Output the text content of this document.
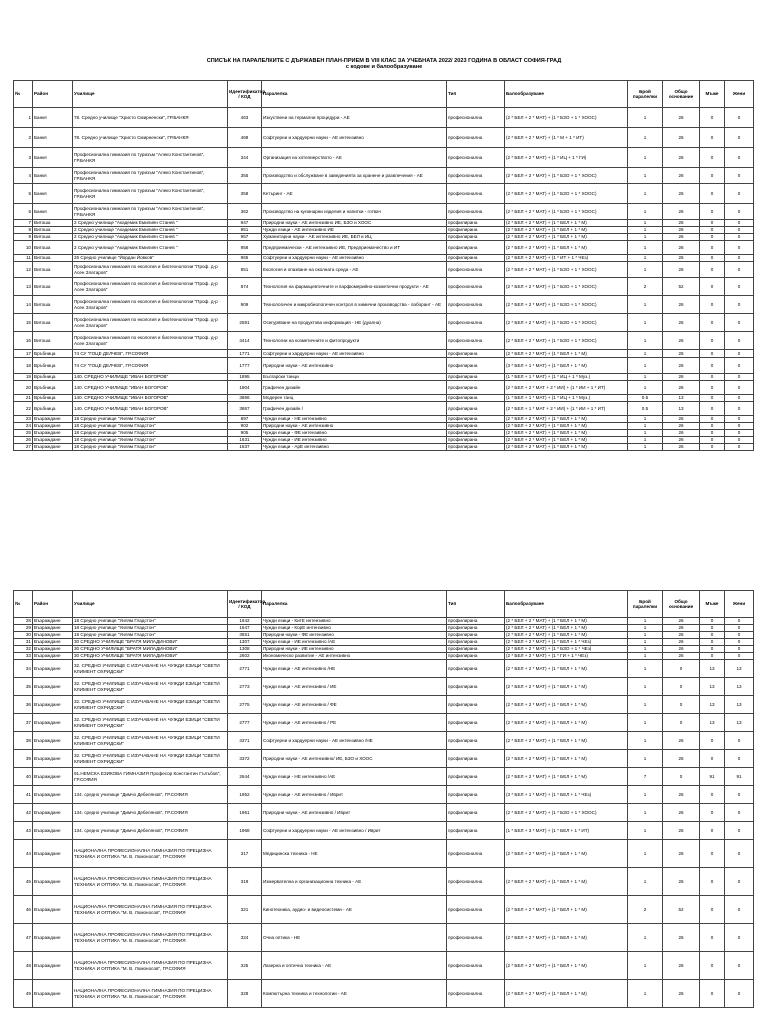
СПИСЪК НА ПАРАЛЕЛКИТЕ С ДЪРЖАВЕН ПЛАН-ПРИЕМ В VIII КЛАС ЗА УЧЕБНАТА 2022/ 2023 ГОДИНА В ОБЛАСТ СОФИЯ-ГРАД
с кодове и балообразуване
№	Район	Училище	Идентификатор / КОД	Паралелка	Тип	Балообразуване	Брой паралелки	Общо основание	Мъже	Жени
1	Банкя	78. Средно училище "Христо Смирненски", ГР.БАНКЯ	463	Изкуствени на термални процедури - АЕ	професионална	(2 * БЕЛ + 2 * МАТ) + (1 * БЗО + 1 * ХООС)	1	26	0	0
2	Банкя	78. Средно училище "Христо Смирненски", ГР.БАНКЯ	468	Софтуерни и хардуерни науки - АЕ интензивно	професионална	(2 * БЕЛ + 2 * МАТ) + (1 * М + 1 * ИТ)	1	26	0	0
3	Банкя	Професионална гимназия по туризъм "Алеко Константинов", ГР.БАНКЯ	344	Организация на хотелиерството - АЕ	професионална	(2 * БЕЛ + 2 * МАТ) + (1 * ИЦ + 1 * ГИ)	1	26	0	0
4	Банкя	Професионална гимназия по туризъм "Алеко Константинов", ГР.БАНКЯ	355	Производство и обслужване в заведенията за хранене и развлечения - АЕ	професионална	(2 * БЕЛ + 2 * МАТ) + (1 * БЗО + 1 * ХООС)	1	26	0	0
5	Банкя	Професионална гимназия по туризъм "Алеко Константинов", ГР.БАНКЯ	358	Кетъринг - АЕ	професионална	(2 * БЕЛ + 2 * МАТ) + (1 * БЗО + 1 * ХООС)	1	26	0	0
6	Банкя	Професионална гимназия по туризъм "Алеко Константинов", ГР.БАНКЯ	362	Производство на кулинарни изделия и напитки - готвач	професионална	(2 * БЕЛ + 2 * МАТ) + (1 * БЗО + 1 * ХООС)	1	26	0	0
7	Витоша	2 Средно училище "Академик Емилиян Станев "	947	Природни науки - АЕ интензивно ИЕ, БЗО и ХООС	профилирана	(2 * БЕЛ + 2 * МАТ) + (1 * БЕЛ + 1 * М)	1	26	0	0
8	Витоша	2 Средно училище "Академик Емилиян Станев "	951	Чужди езици - АЕ интензивно ИЕ	профилирана	(2 * БЕЛ + 2 * МАТ) + (1 * БЕЛ + 1 * М)	1	26	0	0
9	Витоша	2 Средно училище "Академик Емилиян Станев "	957	Хуманитарни науки - АЕ интензивно ИЕ, БЕЛ и ИЦ	профилирана	(2 * БЕЛ + 2 * МАТ) + (1 * БЕЛ + 1 * М)	1	26	0	0
10	Витоша	2 Средно училище "Академик Емилиян Станев "	958	Предприемачески - АЕ интензивно ИЕ, Предприемачество и ИТ	профилирана	(2 * БЕЛ + 2 * МАТ) + (1 * БЕЛ + 1 * М)	1	26	0	0
11	Витоша	26 Средно училище "Йордан Йовков"	965	Софтуерни и хардуерни науки - АЕ интензивно	профилирана	(2 * БЕЛ + 2 * МАТ) + (1 * ИТ + 1 * ЧЕз)	1	26	0	0
12	Витоша	Професионална гимназия по екология и биотехнологии "Проф. д-р Асен Златаров"	851	Екология и опазване на околната среда - АЕ	професионална	(2 * БЕЛ + 2 * МАТ) + (1 * БЗО + 1 * ХООС)	1	26	0	0
13	Витоша	Професионална гимназия по екология и биотехнологии "Проф. д-р Асен Златаров"	874	Технология на фармацевтичните и парфюмерийно-козметични продукти - АЕ	професионална	(2 * БЕЛ + 2 * МАТ) + (1 * БЗО + 1 * ХООС)	2	52	0	0
14	Витоша	Професионална гимназия по екология и биотехнологии "Проф. д-р Асен Златаров"	909	Технологичен и микробиологичен контрол в химични производства - лаборант - АЕ	професионална	(2 * БЕЛ + 2 * МАТ) + (1 * БЗО + 1 * ХООС)	1	26	0	0
15	Витоша	Професионална гимназия по екология и биотехнологии "Проф. д-р Асен Златаров"	2591	Осигуряване на продуктова информация - НЕ (дуална)	професионална	(2 * БЕЛ + 2 * МАТ) + (1 * БЗО + 1 * ХООС)	1	26	0	0
16	Витоша	Професионална гимназия по екология и биотехнологии "Проф. д-р Асен Златаров"	3414	Технологии на козметичните и фитопродукти	професионална	(2 * БЕЛ + 2 * МАТ) + (1 * БЗО + 1 * ХООС)	1	26	0	0
17	Връбница	74 СУ "ГОЦЕ ДЕЛЧЕВ", ГР.СОФИЯ	1771	Софтуерни и хардуерни науки - АЕ интензивно	профилирана	(2 * БЕЛ + 2 * МАТ) + (1 * БЕЛ + 1 * М)	1	26	0	0
18	Връбница	74 СУ "ГОЦЕ ДЕЛЧЕВ", ГР.СОФИЯ	1777	Природни науки - АЕ интензивно	профилирана	(3 * БЕЛ + 1 * МАТ) + (1 * БЕЛ + 1 * М)	1	26	0	0
19	Връбница	140. СРЕДНО УЧИЛИЩЕ "ИВАН БОГОРОВ"	1895	Български танци	профилирана	(1 * БЕЛ + 1 * МАТ) + (1 * ИЦ + 1 * Муз.)	1	26	0	0
20	Връбница	140. СРЕДНО УЧИЛИЩЕ "ИВАН БОГОРОВ"	1904	Графичен дизайн	профилирана	(2 * БЕЛ + 2 * МАТ + 2 * ИИ) + (1 * ИИ + 1 * ИТ)	1	26	0	0
21	Връбница	140. СРЕДНО УЧИЛИЩЕ "ИВАН БОГОРОВ"	3866	Модерен танц	профилирана	(1 * БЕЛ + 1 * МАТ) + (1 * ИЦ + 1 * Муз.)	0.5	13	0	0
22	Връбница	140. СРЕДНО УЧИЛИЩЕ "ИВАН БОГОРОВ"	3867	Графичен дизайн /	профилирана	(2 * БЕЛ + 1 * МАТ + 2 * ИИ) + (1 * ИИ + 1 * ИТ)	0.5	13	0	0
23	Възраждане	18 Средно училище "Уилям Гладстон"	897	Чужди езици - НЕ интензивно	профилирана	(2 * БЕЛ + 2 * МАТ) + (1 * БЕЛ + 1 * М)	1	26	0	0
24	Възраждане	18 Средно училище "Уилям Гладстон"	902	Природни науки - АЕ интензивно	профилирана	(2 * БЕЛ + 2 * МАТ) + (1 * БЕЛ + 1 * М)	1	26	0	0
25	Възраждане	18 Средно училище "Уилям Гладстон"	905	Чужди езици - ФЕ интензивно	профилирана	(2 * БЕЛ + 2 * МАТ) + (1 * БЕЛ + 1 * М)	1	26	0	0
26	Възраждане	18 Средно училище "Уилям Гладстон"	1631	Чужди езици - ИЕ интензивно	профилирана	(2 * БЕЛ + 2 * МАТ) + (1 * БЕЛ + 1 * М)	1	26	0	0
27	Възраждане	18 Средно училище "Уилям Гладстон"	1637	Чужди езици - АрЕ интензивно	профилирана	(2 * БЕЛ + 2 * МАТ) + (1 * БЕЛ + 1 * М)	1	26	0	0
№	Район	Училище	Идентификатор / КОД	Паралелка	Тип	Балообразуване	Брой паралелки	Общо основание	Мъже	Жени
28	Възраждане	18 Средно училище "Уилям Гладстон"	1642	Чужди езици - КитЕ интензивно	профилирана	(2 * БЕЛ + 2 * МАТ) + (1 * БЕЛ + 1 * М)	1	26	0	0
29	Възраждане	18 Средно училище "Уилям Гладстон"	1647	Чужди езици - КорЕ интензивно	профилирана	(2 * БЕЛ + 2 * МАТ) + (1 * БЕЛ + 1 * М)	1	26	0	0
30	Възраждане	18 Средно училище "Уилям Гладстон"	3551	Природни науки - ФЕ интензивно	профилирана	(2 * БЕЛ + 2 * МАТ) + (1 * БЕЛ + 1 * М)	1	26	0	0
31	Възраждане	30 СРЕДНО УЧИЛИЩЕ "БРАТЯ МИЛАДИНОВИ"	1307	Чужди езици - ИЕ интензивно /АЕ	профилирана	(2 * БЕЛ + 2 * МАТ) + (1 * БЕЛ + 1 * ЧЕз)	1	26	0	0
32	Възраждане	30 СРЕДНО УЧИЛИЩЕ "БРАТЯ МИЛАДИНОВИ"	1308	Природни науки - ИЕ интензивно	профилирана	(2 * БЕЛ + 2 * МАТ) + (1 * БЗО + 1 * ЧЕз)	1	26	0	0
33	Възраждане	30 СРЕДНО УЧИЛИЩЕ "БРАТЯ МИЛАДИНОВИ"	2602	Икономическо развитие - АЕ интензивно	профилирана	(2 * БЕЛ + 2 * МАТ) + (1 * ГИ + 1 * ЧЕз)	1	26	0	0
34	Възраждане	32. СРЕДНО УЧИЛИЩЕ С ИЗУЧАВАНЕ НА ЧУЖДИ ЕЗИЦИ "СВЕТИ КЛИМЕНТ ОХРИДСКИ"	2771	Чужди езици - АЕ интензивно /НЕ	профилирана	(2 * БЕЛ + 2 * МАТ) + (1 * БЕЛ + 1 * М)	1	0	13	13
35	Възраждане	32. СРЕДНО УЧИЛИЩЕ С ИЗУЧАВАНЕ НА ЧУЖДИ ЕЗИЦИ "СВЕТИ КЛИМЕНТ ОХРИДСКИ"	2773	Чужди езици - АЕ интензивно / ИЕ	профилирана	(2 * БЕЛ + 2 * МАТ) + (1 * БЕЛ + 1 * М)	1	0	13	13
36	Възраждане	32. СРЕДНО УЧИЛИЩЕ С ИЗУЧАВАНЕ НА ЧУЖДИ ЕЗИЦИ "СВЕТИ КЛИМЕНТ ОХРИДСКИ"	2775	Чужди езици - АЕ интензивно / ФЕ	профилирана	(2 * БЕЛ + 2 * МАТ) + (1 * БЕЛ + 1 * М)	1	0	13	13
37	Възраждане	32. СРЕДНО УЧИЛИЩЕ С ИЗУЧАВАНЕ НА ЧУЖДИ ЕЗИЦИ "СВЕТИ КЛИМЕНТ ОХРИДСКИ"	2777	Чужди езици - АЕ интензивно / РЕ	профилирана	(2 * БЕЛ + 2 * МАТ) + (1 * БЕЛ + 1 * М)	1	0	13	13
38	Възраждане	32. СРЕДНО УЧИЛИЩЕ С ИЗУЧАВАНЕ НА ЧУЖДИ ЕЗИЦИ "СВЕТИ КЛИМЕНТ ОХРИДСКИ"	3371	Софтуерни и хардуерни науки - АЕ интензивно /НЕ	профилирана	(2 * БЕЛ + 2 * МАТ) + (1 * БЕЛ + 1 * М)	1	26	0	0
39	Възраждане	32. СРЕДНО УЧИЛИЩЕ С ИЗУЧАВАНЕ НА ЧУЖДИ ЕЗИЦИ "СВЕТИ КЛИМЕНТ ОХРИДСКИ"	3372	Природни науки - АЕ интензивно/ ИЕ, БЗО и ХООС	профилирана	(2 * БЕЛ + 2 * МАТ) + (1 * БЕЛ + 1 * М)	1	26	0	0
40	Възраждане	91.НЕМСКА ЕЗИКОВА ГИМНАЗИЯ Професор Константин Гълъбов", ГР.СОФИЯ	2644	Чужди езици - НЕ интензивно /АЕ	профилирана	(2 * БЕЛ + 2 * МАТ) + (1 * БЕЛ + 1 * М)	7	0	91	91
41	Възраждане	134. средно училище "Димчо Дебелянов", ГР.СОФИЯ	1952	Чужди езици - АЕ интензивно / Иврит	профилирана	(3 * БЕЛ + 1 * МАТ) + (1 * БЕЛ + 1 * ЧЕз)	1	26	0	0
42	Възраждане	134. средно училище "Димчо Дебелянов", ГР.СОФИЯ	1961	Природни науки - АЕ интензивно / Иврит	профилирана	(2 * БЕЛ + 2 * МАТ) + (1 * БЗО + 1 * ХООС)	1	26	0	0
43	Възраждане	134. средно училище "Димчо Дебелянов", ГР.СОФИЯ	1968	Софтуерни и хардуерни науки - АЕ интензивно / Иврит	профилирана	(1 * БЕЛ + 3 * МАТ) + (1 * БЕЛ + 1 * ИТ)	1	26	0	0
44	Възраждане	НАЦИОНАЛНА ПРОФЕСИОНАЛНА ГИМНАЗИЯ ПО ПРЕЦИЗНА ТЕХНИКА И ОПТИКА "М. В. Ломоносов", ГР.СОФИЯ	317	Медицинска техника - НЕ	професионална	(2 * БЕЛ + 2 * МАТ) + (1 * БЕЛ + 1 * М)	1	26	0	0
45	Възраждане	НАЦИОНАЛНА ПРОФЕСИОНАЛНА ГИМНАЗИЯ ПО ПРЕЦИЗНА ТЕХНИКА И ОПТИКА "М. В. Ломоносов", ГР.СОФИЯ	319	Измервателна и организационна техника - АЕ	професионална	(2 * БЕЛ + 2 * МАТ) + (1 * БЕЛ + 1 * М)	1	26	0	0
46	Възраждане	НАЦИОНАЛНА ПРОФЕСИОНАЛНА ГИМНАЗИЯ ПО ПРЕЦИЗНА ТЕХНИКА И ОПТИКА "М. В. Ломоносов", ГР.СОФИЯ	321	Кинотехника, аудио- и видеосистеми - АЕ	професионална	(2 * БЕЛ + 2 * МАТ) + (1 * БЕЛ + 1 * М)	2	52	0	0
47	Възраждане	НАЦИОНАЛНА ПРОФЕСИОНАЛНА ГИМНАЗИЯ ПО ПРЕЦИЗНА ТЕХНИКА И ОПТИКА "М. В. Ломоносов", ГР.СОФИЯ	324	Очна оптика - НЕ	професионална	(2 * БЕЛ + 2 * МАТ) + (1 * БЕЛ + 1 * М)	1	26	0	0
48	Възраждане	НАЦИОНАЛНА ПРОФЕСИОНАЛНА ГИМНАЗИЯ ПО ПРЕЦИЗНА ТЕХНИКА И ОПТИКА "М. В. Ломоносов", ГР.СОФИЯ	325	Лазерна и оптична техника - АЕ	професионална	(2 * БЕЛ + 2 * МАТ) + (1 * БЕЛ + 1 * М)	1	26	0	0
49	Възраждане	НАЦИОНАЛНА ПРОФЕСИОНАЛНА ГИМНАЗИЯ ПО ПРЕЦИЗНА ТЕХНИКА И ОПТИКА "М. В. Ломоносов", ГР.СОФИЯ	328	Компютърна техника и технологии - АЕ	професионална	(2 * БЕЛ + 2 * МАТ) + (1 * БЕЛ + 1 * М)	1	26	0	0
